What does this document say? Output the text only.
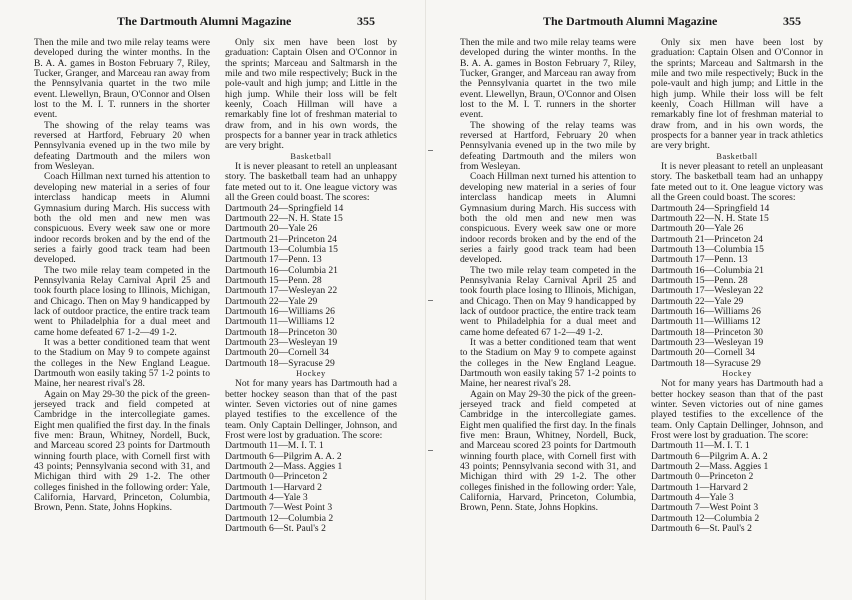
The Dartmouth Alumni Magazine	355

Then the mile and two mile relay teams were developed during the winter months. In the B. A. A. games in Boston February 7, Riley, Tucker, Granger, and Marceau ran away from the Pennsylvania quartet in the two mile event. Llewellyn, Braun, O'Connor and Olsen lost to the M. I. T. runners in the shorter event.

The showing of the relay teams was reversed at Hartford, February 20 when Pennsylvania evened up in the two mile by defeating Dartmouth and the milers won from Wesleyan.

Coach Hillman next turned his attention to developing new material in a series of four interclass handicap meets in Alumni Gymnasium during March. His success with both the old men and new men was conspicuous. Every week saw one or more indoor records broken and by the end of the series a fairly good track team had been developed.

The two mile relay team competed in the Pennsylvania Relay Carnival April 25 and took fourth place losing to Illinois, Michigan, and Chicago. Then on May 9 handicapped by lack of outdoor practice, the entire track team went to Philadelphia for a dual meet and came home defeated 67 1-2—49 1-2.

It was a better conditioned team that went to the Stadium on May 9 to compete against the colleges in the New England League. Dartmouth won easily taking 57 1-2 points to Maine, her nearest rival's 28.

Again on May 29-30 the pick of the green-jerseyed track and field competed at Cambridge in the intercollegiate games. Eight men qualified the first day. In the finals five men: Braun, Whitney, Nordell, Buck, and Marceau scored 23 points for Dartmouth winning fourth place, with Cornell first with 43 points; Pennsylvania second with 31, and Michigan third with 29 1-2. The other colleges finished in the following order: Yale, California, Harvard, Princeton, Columbia, Brown, Penn. State, Johns Hopkins.

Only six men have been lost by graduation: Captain Olsen and O'Connor in the sprints; Marceau and Saltmarsh in the mile and two mile respectively; Buck in the pole-vault and high jump; and Little in the high jump. While their loss will be felt keenly, Coach Hillman will have a remarkably fine lot of freshman material to draw from, and in his own words, the prospects for a banner year in track athletics are very bright.

Basketball

It is never pleasant to retell an unpleasant story. The basketball team had an unhappy fate meted out to it. One league victory was all the Green could boast. The scores:

Dartmouth 24—Springfield 14
Dartmouth 22—N. H. State 15
Dartmouth 20—Yale 26
Dartmouth 21—Princeton 24
Dartmouth 13—Columbia 15
Dartmouth 17—Penn. 13
Dartmouth 16—Columbia 21
Dartmouth 15—Penn. 28
Dartmouth 17—Wesleyan 22
Dartmouth 22—Yale 29
Dartmouth 16—Williams 26
Dartmouth 11—Williams 12
Dartmouth 18—Princeton 30
Dartmouth 23—Wesleyan 19
Dartmouth 20—Cornell 34
Dartmouth 18—Syracuse 29

Hockey

Not for many years has Dartmouth had a better hockey season than that of the past winter. Seven victories out of nine games played testifies to the excellence of the team. Only Captain Dellinger, Johnson, and Frost were lost by graduation. The score:

Dartmouth 11—M. I. T. 1
Dartmouth 6—Pilgrim A. A. 2
Dartmouth 2—Mass. Aggies 1
Dartmouth 0—Princeton 2
Dartmouth 1—Harvard 2
Dartmouth 4—Yale 3
Dartmouth 7—West Point 3
Dartmouth 12—Columbia 2
Dartmouth 6—St. Paul's 2
The Dartmouth Alumni Magazine	355

Then the mile and two mile relay teams were developed during the winter months. In the B. A. A. games in Boston February 7, Riley, Tucker, Granger, and Marceau ran away from the Pennsylvania quartet in the two mile event. Llewellyn, Braun, O'Connor and Olsen lost to the M. I. T. runners in the shorter event.

The showing of the relay teams was reversed at Hartford, February 20 when Pennsylvania evened up in the two mile by defeating Dartmouth and the milers won from Wesleyan.

Coach Hillman next turned his attention to developing new material in a series of four interclass handicap meets in Alumni Gymnasium during March. His success with both the old men and new men was conspicuous. Every week saw one or more indoor records broken and by the end of the series a fairly good track team had been developed.

The two mile relay team competed in the Pennsylvania Relay Carnival April 25 and took fourth place losing to Illinois, Michigan, and Chicago. Then on May 9 handicapped by lack of outdoor practice, the entire track team went to Philadelphia for a dual meet and came home defeated 67 1-2—49 1-2.

It was a better conditioned team that went to the Stadium on May 9 to compete against the colleges in the New England League. Dartmouth won easily taking 57 1-2 points to Maine, her nearest rival's 28.

Again on May 29-30 the pick of the green-jerseyed track and field competed at Cambridge in the intercollegiate games. Eight men qualified the first day. In the finals five men: Braun, Whitney, Nordell, Buck, and Marceau scored 23 points for Dartmouth winning fourth place, with Cornell first with 43 points; Pennsylvania second with 31, and Michigan third with 29 1-2. The other colleges finished in the following order: Yale, California, Harvard, Princeton, Columbia, Brown, Penn. State, Johns Hopkins.

Only six men have been lost by graduation: Captain Olsen and O'Connor in the sprints; Marceau and Saltmarsh in the mile and two mile respectively; Buck in the pole-vault and high jump; and Little in the high jump. While their loss will be felt keenly, Coach Hillman will have a remarkably fine lot of freshman material to draw from, and in his own words, the prospects for a banner year in track athletics are very bright.

Basketball

It is never pleasant to retell an unpleasant story. The basketball team had an unhappy fate meted out to it. One league victory was all the Green could boast. The scores:

Dartmouth 24—Springfield 14
Dartmouth 22—N. H. State 15
Dartmouth 20—Yale 26
Dartmouth 21—Princeton 24
Dartmouth 13—Columbia 15
Dartmouth 17—Penn. 13
Dartmouth 16—Columbia 21
Dartmouth 15—Penn. 28
Dartmouth 17—Wesleyan 22
Dartmouth 22—Yale 29
Dartmouth 16—Williams 26
Dartmouth 11—Williams 12
Dartmouth 18—Princeton 30
Dartmouth 23—Wesleyan 19
Dartmouth 20—Cornell 34
Dartmouth 18—Syracuse 29

Hockey

Not for many years has Dartmouth had a better hockey season than that of the past winter. Seven victories out of nine games played testifies to the excellence of the team. Only Captain Dellinger, Johnson, and Frost were lost by graduation. The score:

Dartmouth 11—M. I. T. 1
Dartmouth 6—Pilgrim A. A. 2
Dartmouth 2—Mass. Aggies 1
Dartmouth 0—Princeton 2
Dartmouth 1—Harvard 2
Dartmouth 4—Yale 3
Dartmouth 7—West Point 3
Dartmouth 12—Columbia 2
Dartmouth 6—St. Paul's 2
